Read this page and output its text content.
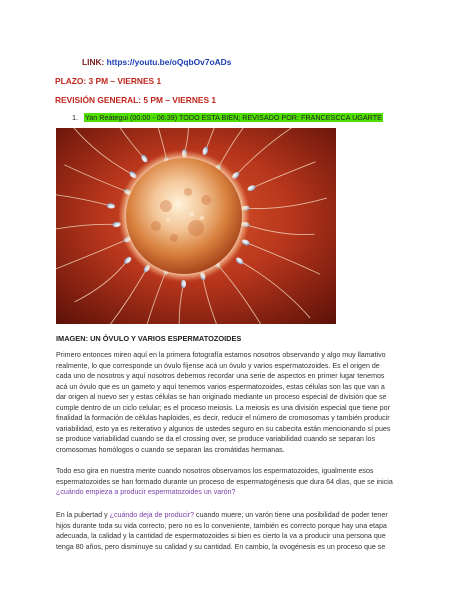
LINK: https://youtu.be/oQqbOv7oADs
PLAZO: 3 PM – VIERNES 1
REVISIÓN GENERAL: 5 PM – VIERNES 1
1. Yan Reátegui (00:00 - 06:39) TODO ESTA BIEN; REVISADO POR: FRANCESCCA UGARTE
IMAGEN: UN ÓVULO Y VARIOS ESPERMATOZOIDES
Primero entonces miren aquí en la primera fotografía estamos nosotros observando y algo muy llamativo
realmente, lo que corresponde un óvulo fíjense acá un óvulo y varios espermatozoides. Es el origen de
cada uno de nosotros y aquí nosotros debemos recordar una serie de aspectos en primer lugar tenemos
acá un óvulo que es un gameto y aquí tenemos varios espermatozoides, estas células son las que van a
dar origen al nuevo ser y estas células se han originado mediante un proceso especial de división que se
cumple dentro de un ciclo celular; es el proceso meiosis. La meiosis es una división especial que tiene por
finalidad la formación de células haploides, es decir, reducir el número de cromosomas y también producir
variabilidad, esto ya es reiterativo y algunos de ustedes seguro en su cabecita están mencionando sí pues
se produce variabilidad cuando se da el crossing over, se produce variabilidad cuando se separan los
cromosomas homólogos o cuando se separan las cromátidas hermanas.
Todo eso gira en nuestra mente cuando nosotros observamos los espermatozoides, igualmente esos
espermatozoides se han formado durante un proceso de espermatogénesis que dura 64 días, que se inicia
¿cuándo empieza a producir espermatozoides un varón?
En la pubertad y ¿cuándo deja de producir? cuando muere; un varón tiene una posibilidad de poder tener
hijos durante toda su vida correcto, pero no es lo conveniente, también es correcto porque hay una etapa
adecuada, la calidad y la cantidad de espermatozoides si bien es cierto la va a producir una persona que
tenga 80 años, pero disminuye su calidad y su cantidad. En cambio, la ovogénesis es un proceso que se
